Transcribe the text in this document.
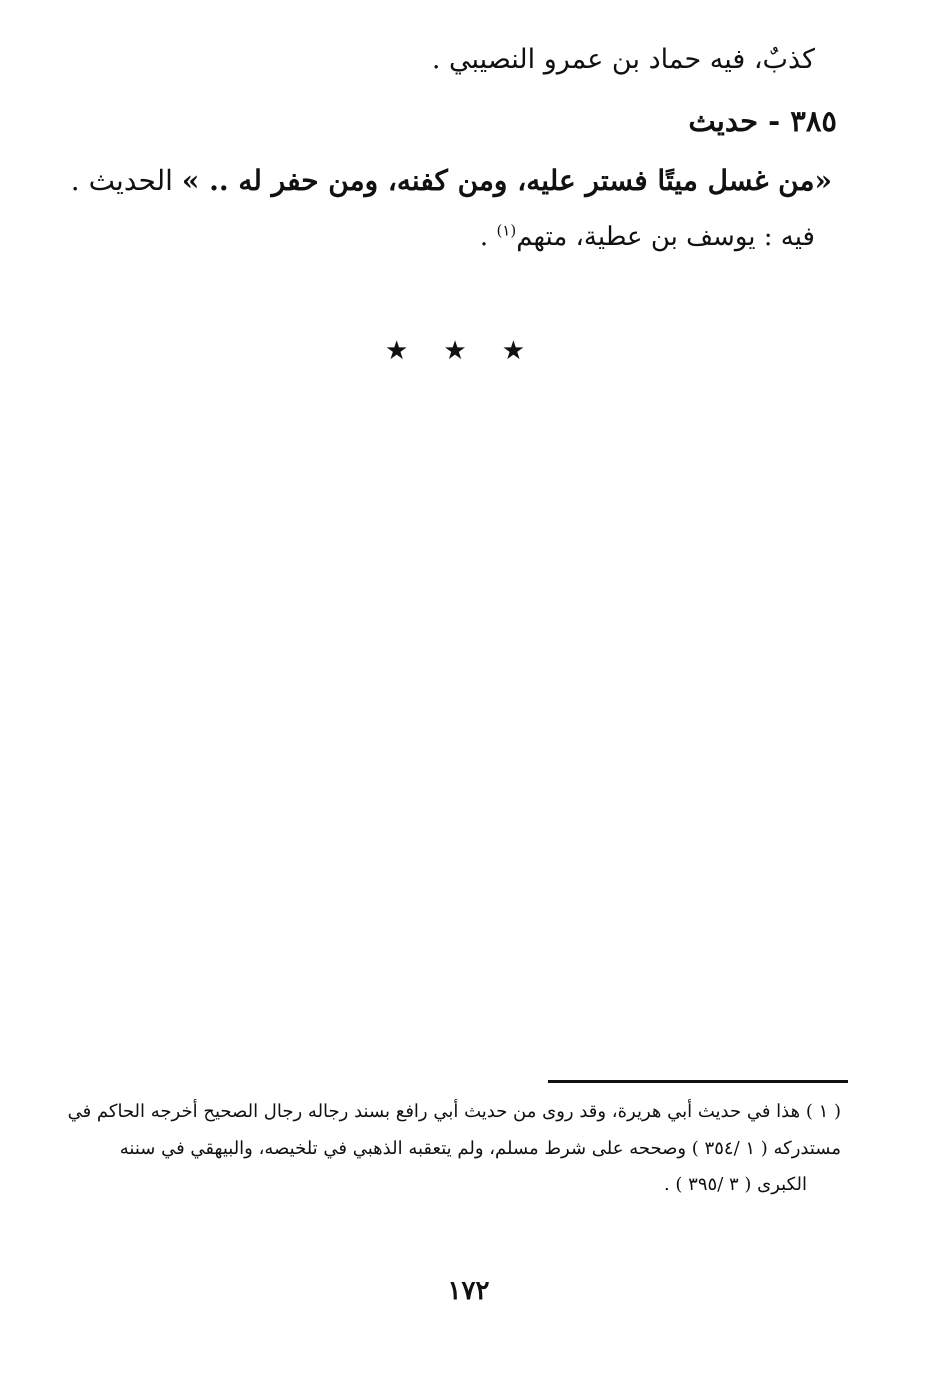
كذبٌ، فيه حماد بن عمرو النصيبي .
٣٨٥ - حديث
«من غسل ميتًا فستر عليه، ومن كفنه، ومن حفر له .. » الحديث .
فيه : يوسف بن عطية، متهم$^{(١)}$ .
★ ★ ★
( ١ ) هذا في حديث أبي هريرة، وقد روى من حديث أبي رافع بسند رجاله رجال الصحيح أخرجه الحاكم في
مستدركه ( ١ /٣٥٤ ) وصححه على شرط مسلم، ولم يتعقبه الذهبي في تلخيصه، والبيهقي في سننه
الكبرى ( ٣ /٣٩٥ ) .
١٧٢
